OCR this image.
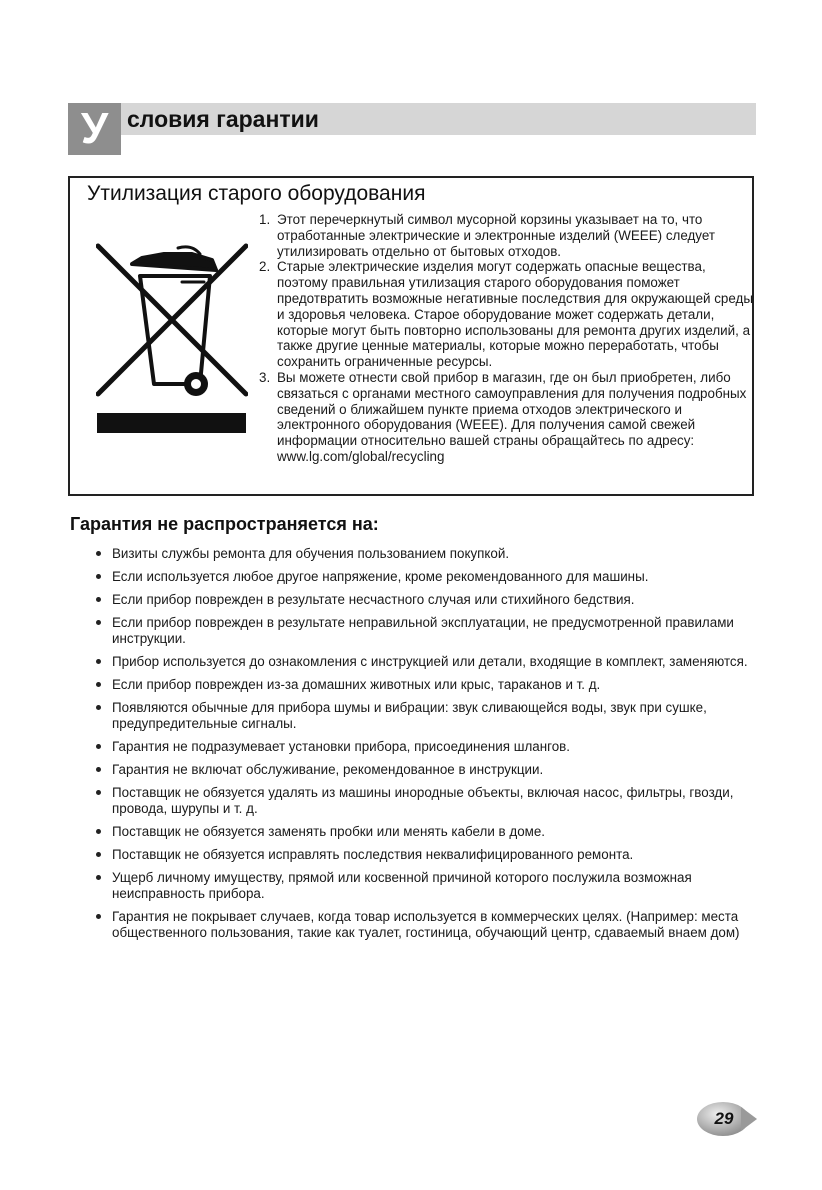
У словия гарантии
Утилизация старого оборудования
1. Этот перечеркнутый символ мусорной корзины указывает на то, что отработанные электрические и электронные изделий (WEEE) следует утилизировать отдельно от бытовых отходов.
2. Старые электрические изделия могут содержать опасные вещества, поэтому правильная утилизация старого оборудования поможет предотвратить возможные негативные последствия для окружающей среды и здоровья человека. Старое оборудование может содержать детали, которые могут быть повторно использованы для ремонта других изделий, а также другие ценные материалы, которые можно переработать, чтобы сохранить ограниченные ресурсы.
3. Вы можете отнести свой прибор в магазин, где он был приобретен, либо связаться с органами местного самоуправления для получения подробных сведений о ближайшем пункте приема отходов электрического и электронного оборудования (WEEE). Для получения самой свежей информации относительно вашей страны обращайтесь по адресу: www.lg.com/global/recycling
Гарантия не распространяется на:
Визиты службы ремонта для обучения пользованием покупкой.
Если используется любое другое напряжение, кроме рекомендованного для машины.
Если прибор поврежден в результате несчастного случая или стихийного бедствия.
Если прибор поврежден в результате неправильной эксплуатации, не предусмотренной правилами инструкции.
Прибор используется до ознакомления с инструкцией или детали, входящие в комплект, заменяются.
Если прибор поврежден из-за домашних животных или крыс, тараканов и т. д.
Появляются обычные для прибора шумы и вибрации: звук сливающейся воды, звук при сушке, предупредительные сигналы.
Гарантия не подразумевает установки прибора, присоединения шлангов.
Гарантия не включат обслуживание, рекомендованное в инструкции.
Поставщик не обязуется удалять из машины инородные объекты, включая насос, фильтры, гвозди, провода, шурупы и т. д.
Поставщик не обязуется заменять пробки или менять кабели в доме.
Поставщик не обязуется исправлять последствия неквалифицированного ремонта.
Ущерб личному имуществу, прямой или косвенной причиной которого послужила возможная неисправность прибора.
Гарантия не покрывает случаев, когда товар используется в коммерческих целях. (Например: места общественного пользования, такие как туалет, гостиница, обучающий центр, сдаваемый внаем дом)
29
